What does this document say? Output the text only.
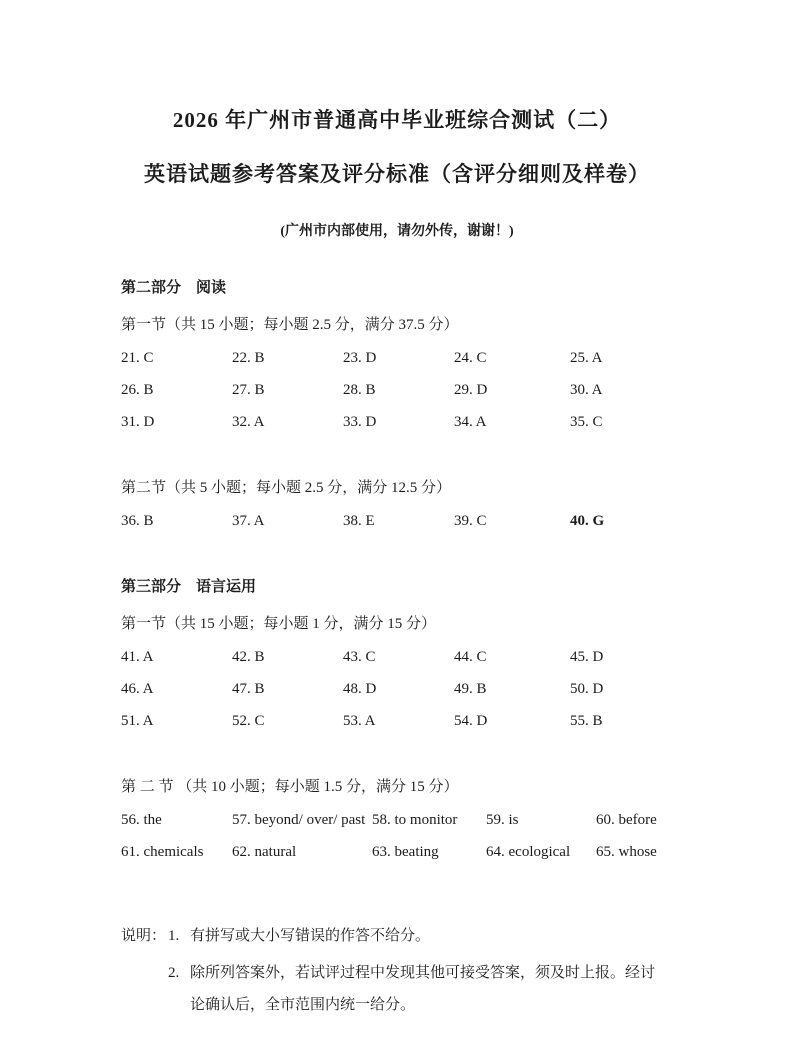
2026 年广州市普通高中毕业班综合测试（二）
英语试题参考答案及评分标准（含评分细则及样卷）
(广州市内部使用，请勿外传，谢谢！)
第二部分　阅读
第一节（共 15 小题；每小题 2.5 分，满分 37.5 分）
21. C	22. B	23. D	24. C	25. A
26. B	27. B	28. B	29. D	30. A
31. D	32. A	33. D	34. A	35. C
第二节（共 5 小题；每小题 2.5 分，满分 12.5 分）
36. B	37. A	38. E	39. C	40. G
第三部分　语言运用
第一节（共 15 小题；每小题 1 分，满分 15 分）
41. A	42. B	43. C	44. C	45. D
46. A	47. B	48. D	49. B	50. D
51. A	52. C	53. A	54. D	55. B
第 二 节 （共 10 小题；每小题 1.5 分，满分 15 分）
56. the	57. beyond/ over/ past 58. to monitor	59. is	60. before
61. chemicals	62. natural	63. beating	64. ecological	65. whose
说明： 1. 有拼写或大小写错误的作答不给分。
2. 除所列答案外，若试评过程中发现其他可接受答案，须及时上报。经讨论确认后，全市范围内统一给分。
